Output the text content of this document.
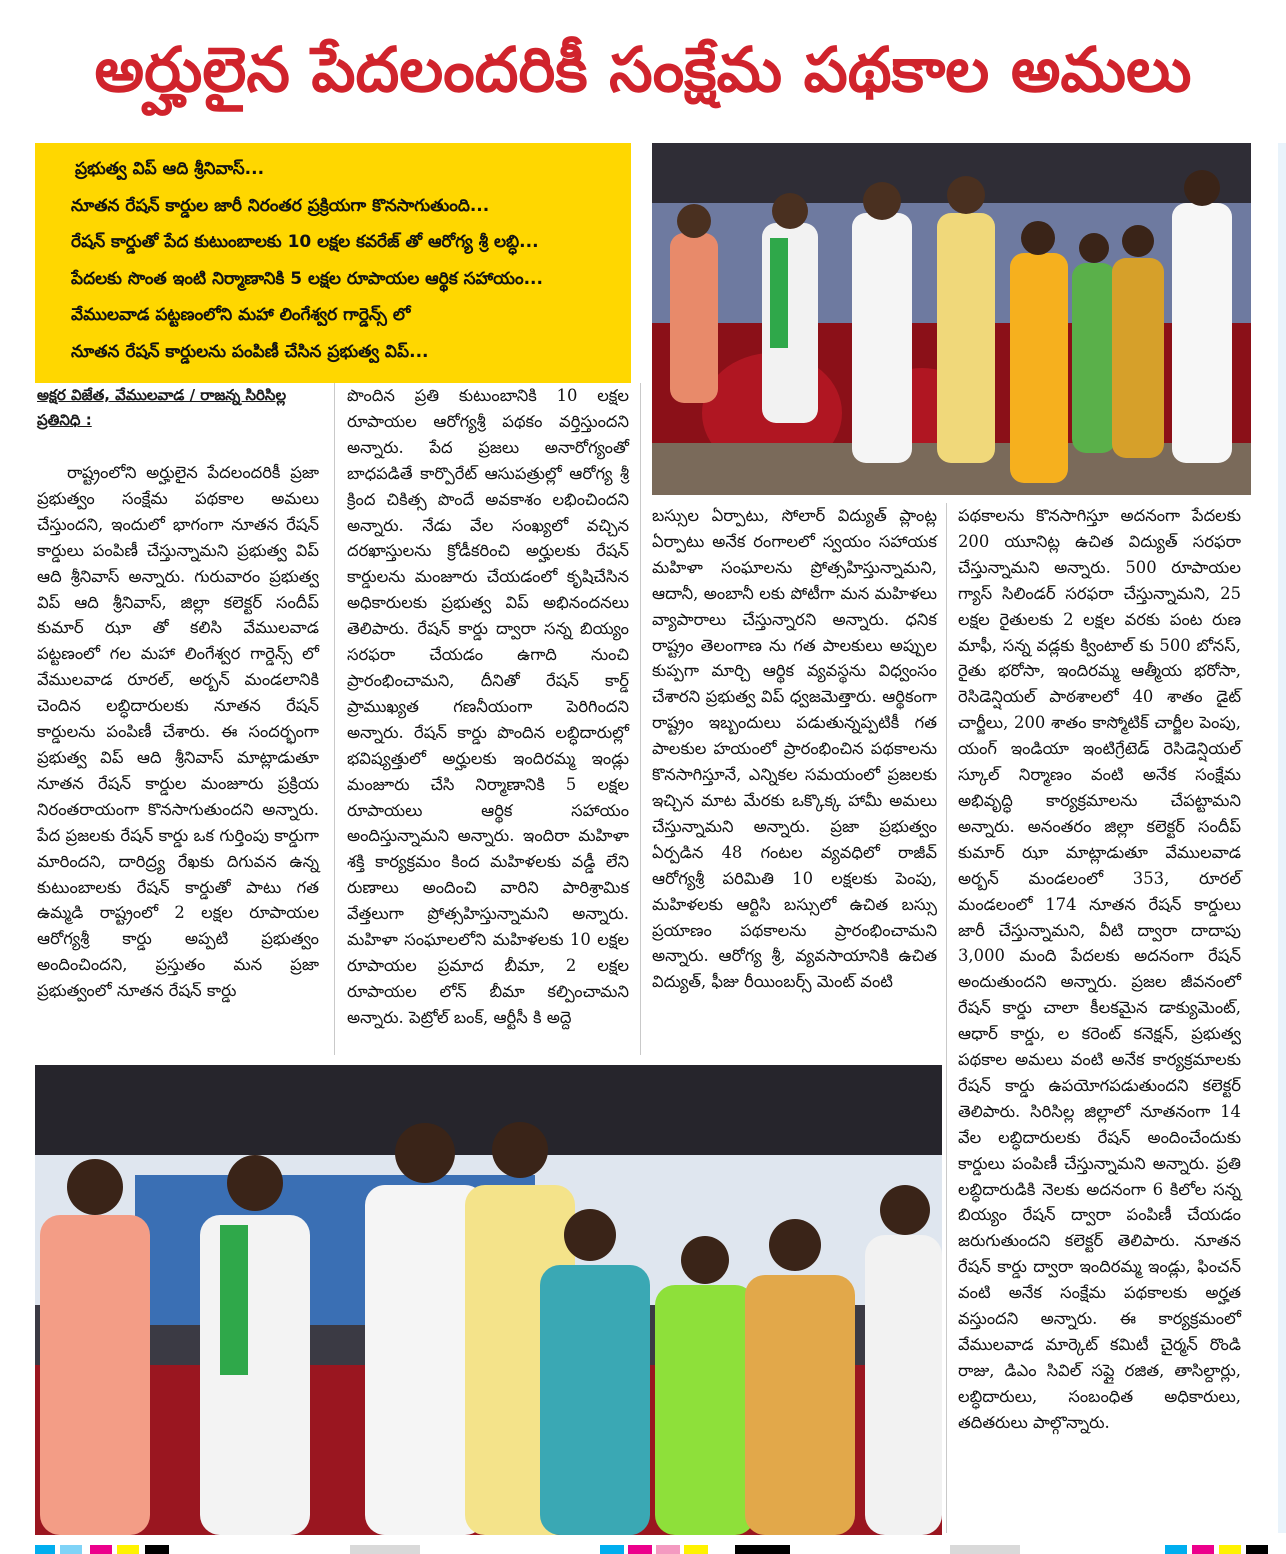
అర్హులైన పేదలందరికీ సంక్షేమ పథకాల అమలు
ప్రభుత్వ విప్ ఆది శ్రీనివాస్...
నూతన రేషన్ కార్డుల జారీ నిరంతర ప్రక్రియగా కొనసాగుతుంది...
రేషన్ కార్డుతో పేద కుటుంబాలకు 10 లక్షల కవరేజ్ తో ఆరోగ్య శ్రీ లబ్ధి...
పేదలకు సొంత ఇంటి నిర్మాణానికి 5 లక్షల రూపాయల ఆర్థిక సహాయం...
వేములవాడ పట్టణంలోని మహా లింగేశ్వర గార్డెన్స్ లో
నూతన రేషన్ కార్డులను పంపిణీ చేసిన ప్రభుత్వ విప్...
అక్షర విజేత, వేములవాడ / రాజన్న సిరిసిల్ల ప్రతినిధి :
రాష్ట్రంలోని అర్హులైన పేదలందరికీ ప్రజా ప్రభుత్వం సంక్షేమ పథకాల అమలు చేస్తుందని, ఇందులో భాగంగా నూతన రేషన్ కార్డులు పంపిణీ చేస్తున్నామని ప్రభుత్వ విప్ ఆది శ్రీనివాస్ అన్నారు. గురువారం ప్రభుత్వ విప్ ఆది శ్రీనివాస్, జిల్లా కలెక్టర్ సందీప్ కుమార్ ఝా తో కలిసి వేములవాడ పట్టణంలో గల మహా లింగేశ్వర గార్డెన్స్ లో వేములవాడ రూరల్, అర్బన్ మండలానికి చెందిన లబ్ధిదారులకు నూతన రేషన్ కార్డులను పంపిణీ చేశారు. ఈ సందర్భంగా ప్రభుత్వ విప్ ఆది శ్రీనివాస్ మాట్లాడుతూ నూతన రేషన్ కార్డుల మంజూరు ప్రక్రియ నిరంతరాయంగా కొనసాగుతుందని అన్నారు. పేద ప్రజలకు రేషన్ కార్డు ఒక గుర్తింపు కార్డుగా మారిందని, దారిద్ర్య రేఖకు దిగువన ఉన్న కుటుంబాలకు రేషన్ కార్డుతో పాటు గత ఉమ్మడి రాష్ట్రంలో 2 లక్షల రూపాయల ఆరోగ్యశ్రీ కార్డు అప్పటి ప్రభుత్వం అందించిందని, ప్రస్తుతం మన ప్రజా ప్రభుత్వంలో నూతన రేషన్ కార్డు
పొందిన ప్రతి కుటుంబానికి 10 లక్షల రూపాయల ఆరోగ్యశ్రీ పథకం వర్తిస్తుందని అన్నారు. పేద ప్రజలు అనారోగ్యంతో బాధపడితే కార్పొరేట్ ఆసుపత్రుల్లో ఆరోగ్య శ్రీ క్రింద చికిత్స పొందే అవకాశం లభించిందని అన్నారు. నేడు వేల సంఖ్యలో వచ్చిన దరఖాస్తులను క్రోడీకరించి అర్హులకు రేషన్ కార్డులను మంజూరు చేయడంలో కృషిచేసిన అధికారులకు ప్రభుత్వ విప్ అభినందనలు తెలిపారు. రేషన్ కార్డు ద్వారా సన్న బియ్యం సరఫరా చేయడం ఉగాది నుంచి ప్రారంభించామని, దీనితో రేషన్ కార్డ్ ప్రాముఖ్యత గణనీయంగా పెరిగిందని అన్నారు. రేషన్ కార్డు పొందిన లబ్ధిదారుల్లో భవిష్యత్తులో అర్హులకు ఇందిరమ్మ ఇండ్లు మంజూరు చేసి నిర్మాణానికి 5 లక్షల రూపాయలు ఆర్థిక సహాయం అందిస్తున్నామని అన్నారు. ఇందిరా మహిళా శక్తి కార్యక్రమం కింద మహిళలకు వడ్డీ లేని రుణాలు అందించి వారిని పారిశ్రామిక వేత్తలుగా ప్రోత్సహిస్తున్నామని అన్నారు. మహిళా సంఘాలలోని మహిళలకు 10 లక్షల రూపాయల ప్రమాద బీమా, 2 లక్షల రూపాయల లోన్ బీమా కల్పించామని అన్నారు. పెట్రోల్ బంక్, ఆర్టీసీ కి అద్దె
బస్సుల ఏర్పాటు, సోలార్ విద్యుత్ ప్లాంట్ల ఏర్పాటు అనేక రంగాలలో స్వయం సహాయక మహిళా సంఘాలను ప్రోత్సహిస్తున్నామని, ఆదానీ, అంబానీ లకు పోటీగా మన మహిళలు వ్యాపారాలు చేస్తున్నారని అన్నారు. ధనిక రాష్ట్రం తెలంగాణ ను గత పాలకులు అప్పుల కుప్పగా మార్చి ఆర్థిక వ్యవస్థను విధ్వంసం చేశారని ప్రభుత్వ విప్ ధ్వజమెత్తారు. ఆర్థికంగా రాష్ట్రం ఇబ్బందులు పడుతున్నప్పటికీ గత పాలకుల హయంలో ప్రారంభించిన పథకాలను కొనసాగిస్తూనే, ఎన్నికల సమయంలో ప్రజలకు ఇచ్చిన మాట మేరకు ఒక్కొక్క హామీ అమలు చేస్తున్నామని అన్నారు. ప్రజా ప్రభుత్వం ఏర్పడిన 48 గంటల వ్యవధిలో రాజీవ్ ఆరోగ్యశ్రీ పరిమితి 10 లక్షలకు పెంపు, మహిళలకు ఆర్టిసి బస్సులో ఉచిత బస్సు ప్రయాణం పథకాలను ప్రారంభించామని అన్నారు. ఆరోగ్య శ్రీ, వ్యవసాయానికి ఉచిత విద్యుత్, ఫీజు రీయింబర్స్ మెంట్ వంటి
పథకాలను కొనసాగిస్తూ అదనంగా పేదలకు 200 యూనిట్ల ఉచిత విద్యుత్ సరఫరా చేస్తున్నామని అన్నారు. 500 రూపాయల గ్యాస్ సిలిండర్ సరఫరా చేస్తున్నామని, 25 లక్షల రైతులకు 2 లక్షల వరకు పంట రుణ మాఫీ, సన్న వడ్లకు క్వింటాల్ కు 500 బోనస్, రైతు భరోసా, ఇందిరమ్మ ఆత్మీయ భరోసా, రెసిడెన్షియల్ పాఠశాలలో 40 శాతం డైట్ చార్జీలు, 200 శాతం కాస్మోటిక్ చార్జీల పెంపు, యంగ్ ఇండియా ఇంటిగ్రేటెడ్ రెసిడెన్షియల్ స్కూల్ నిర్మాణం వంటి అనేక సంక్షేమ అభివృద్ధి కార్యక్రమాలను చేపట్టామని అన్నారు. అనంతరం జిల్లా కలెక్టర్ సందీప్ కుమార్ ఝా మాట్లాడుతూ వేములవాడ అర్బన్ మండలంలో 353, రూరల్ మండలంలో 174 నూతన రేషన్ కార్డులు జారీ చేస్తున్నామని, వీటి ద్వారా దాదాపు 3,000 మంది పేదలకు అదనంగా రేషన్ అందుతుందని అన్నారు. ప్రజల జీవనంలో రేషన్ కార్డు చాలా కీలకమైన డాక్యుమెంట్, ఆధార్ కార్డు, ల కరెంట్ కనెక్షన్, ప్రభుత్వ పథకాల అమలు వంటి అనేక కార్యక్రమాలకు రేషన్ కార్డు ఉపయోగపడుతుందని కలెక్టర్ తెలిపారు. సిరిసిల్ల జిల్లాలో నూతనంగా 14 వేల లబ్ధిదారులకు రేషన్ అందించేందుకు కార్డులు పంపిణీ చేస్తున్నామని అన్నారు. ప్రతి లబ్ధిదారుడికి నెలకు అదనంగా 6 కిలోల సన్న బియ్యం రేషన్ ద్వారా పంపిణీ చేయడం జరుగుతుందని కలెక్టర్ తెలిపారు. నూతన రేషన్ కార్డు ద్వారా ఇందిరమ్మ ఇండ్లు, ఫించన్ వంటి అనేక సంక్షేమ పథకాలకు అర్హత వస్తుందని అన్నారు. ఈ కార్యక్రమంలో వేములవాడ మార్కెట్ కమిటీ చైర్మన్ రొండి రాజు, డిఎం సివిల్ సప్లై రజిత, తాసిల్దార్లు, లబ్ధిదారులు, సంబంధిత అధికారులు, తదితరులు పాల్గొన్నారు.
